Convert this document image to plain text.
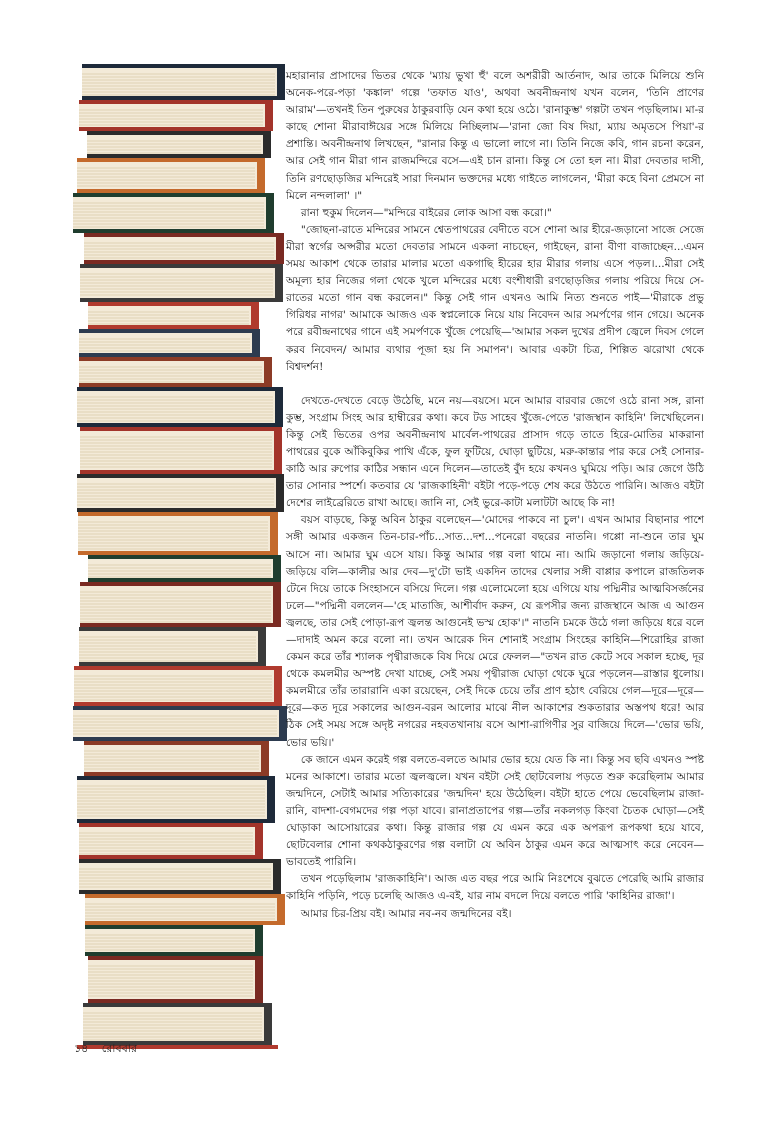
মহারানার প্রাসাদের ভিতর থেকে 'ম্যায় ভুখা হুঁ' বলে অশরীরী আর্তনাদ, আর তাকে মিলিয়ে শুনি অনেক-পরে-পড়া 'কঙ্কাল' গল্পে 'তফাত যাও', অথবা অবনীন্দ্রনাথ যখন বলেন, 'তিনি প্রাণের আরাম'—তখনই তিন পুরুষের ঠাকুরবাড়ি যেন কথা হয়ে ওঠে। 'রানাকুম্ভ' গল্পটা তখন পড়ছিলাম। মা-র কাছে শোনা মীরাবাঈয়ের সঙ্গে মিলিয়ে নিচ্ছিলাম—'রানা জো বিষ দিয়া, ম্যায় অমৃতসে পিয়া'-র প্রশান্তি। অবনীন্দ্রনাথ লিখছেন, "রানার কিন্তু এ ভালো লাগে না। তিনি নিজে কবি, গান রচনা করেন, আর সেই গান মীরা গান রাজমন্দিরে বসে—এই চান রানা। কিন্তু সে তো হল না। মীরা দেবতার দাসী, তিনি রণছোড়জির মন্দিরেই সারা দিনমান ভক্তদের মধ্যে গাইতে লাগলেন, 'মীরা কহে বিনা প্রেমসে না মিলে নন্দলালা' ।"

রানা হুকুম দিলেন—"মন্দিরে বাইরের লোক আসা বন্ধ করো।"

"জোছনা-রাতে মন্দিরের সামনে শ্বেতপাথরের বেদীতে বসে শোনা আর হীরে-জড়ানো সাজে সেজে মীরা স্বর্গের অপ্সরীর মতো দেবতার সামনে একলা নাচছেন, গাইছেন, রানা বীণা বাজাচ্ছেন...এমন সময় আকাশ থেকে তারার মালার মতো একগাছি হীরের হার মীরার গলায় এসে পড়ল।...মীরা সেই অমূল্য হার নিজের গলা থেকে খুলে মন্দিরের মধ্যে বংশীধারী রণছোড়জির গলায় পরিয়ে দিয়ে সে-রাতের মতো গান বন্ধ করলেন।" কিন্তু সেই গান এখনও আমি নিত্য শুনতে পাই—'মীরাকে প্রভু গিরিধর নাগর' আমাকে আজও এক স্বপ্নলোকে নিয়ে যায় নিবেদন আর সমর্পণের গান গেয়ে। অনেক পরে রবীন্দ্রনাথের গানে এই সমর্পণকে খুঁজে পেয়েছি—'আমার সকল দুখের প্রদীপ জ্বেলে দিবস গেলে করব নিবেদন/ আমার ব্যথার পূজা হয় নি সমাপন'। আবার একটা চিত্র, শিল্পিত ঝরোখা থেকে বিশ্বদর্শন!

দেখতে-দেখতে বেড়ে উঠেছি, মনে নয়—বয়সে। মনে আমার বারবার জেগে ওঠে রানা সঙ্গ, রানা কুম্ভ, সংগ্রাম সিংহ আর হাম্বীরের কথা। কবে টড সাহেব খুঁজে-পেতে 'রাজস্থান কাহিনি' লিখেছিলেন। কিন্তু সেই ভিতের ওপর অবনীন্দ্রনাথ মার্বেল-পাথরের প্রাসাদ গড়ে তাতে হিরে-মোতির মাকরানা পাথরের বুকে আঁকিবুকির পাখি এঁকে, ফুল ফুটিয়ে, ঘোড়া ছুটিয়ে, মরু-কান্তার পার করে সেই সোনার-কাঠি আর রুপোর কাঠির সন্ধান এনে দিলেন—তাতেই বুঁদ হয়ে কখনও ঘুমিয়ে পড়ি। আর জেগে উঠি তার সোনার স্পর্শে। কতবার যে 'রাজকাহিনী' বইটা পড়ে-পড়ে শেষ করে উঠতে পারিনি। আজও বইটা দেশের লাইব্রেরিতে রাখা আছে। জানি না, সেই ভুরে-কাটা মলাটটা আছে কি না!

বয়স বাড়ছে, কিন্তু অবিন ঠাকুর বলেছেন—'মোদের পাকবে না চুল'। এখন আমার বিছানার পাশে সঙ্গী আমার একজন তিন-চার-পাঁচ...সাত...দশ...পনেরো বছরের নাতনি। গপ্পো না-শুনে তার ঘুম আসে না। আমার ঘুম এসে যায়। কিন্তু আমার গল্প বলা থামে না। আমি জড়ানো গলায় জড়িয়ে-জড়িয়ে বলি—কালীর আর দেব—দু'টো ভাই একদিন তাদের খেলার সঙ্গী বাপ্পার কপালে রাজতিলক টেনে দিয়ে তাকে সিংহাসনে বসিয়ে দিলে। গল্প এলোমেলো হয়ে এগিয়ে যায় পদ্মিনীর আত্মবিসর্জনের ঢলে—"পদ্মিনী বললেন—'হে মাতাজি, আশীর্বাদ করুন, যে রূপসীর জন্য রাজস্থানে আজ এ আগুন জ্বলছে, তার সেই পোড়া-রূপ জ্বলন্ত আগুনেই ভস্ম হোক'।" নাতনি চমকে উঠে গলা জড়িয়ে ধরে বলে—দাদাই অমন করে বলো না। তখন আরেক দিন শোনাই সংগ্রাম সিংহের কাহিনি—শিরোহির রাজা কেমন করে তাঁর শ্যালক পৃথ্বীরাজকে বিষ দিয়ে মেরে ফেলল—"তখন রাত কেটে সবে সকাল হচ্ছে, দূর থেকে কমলমীর অস্পষ্ট দেখা যাচ্ছে, সেই সময় পৃথ্বীরাজ ঘোড়া থেকে ঘুরে পড়লেন—রাস্তার ধুলোয়। কমলমীরে তাঁর তারারানি একা রয়েছেন, সেই দিকে চেয়ে তাঁর প্রাণ হঠাৎ বেরিয়ে গেল—দূরে—দূরে—দূরে—কত দূরে সকালের আগুন-বরন আলোর মাঝে নীল আকাশের শুকতারার অস্তপথ ধরে! আর ঠিক সেই সময় সঙ্গে অদৃষ্ট নগরের নহবতখানায় বসে আশা-রাগিণীর সুর বাজিয়ে দিলে—'ভোর ভয়ি, ভোর ভয়ি।'

কে জানে এমন করেই গল্প বলতে-বলতে আমার ভোর হয়ে যেত কি না। কিন্তু সব ছবি এখনও স্পষ্ট মনের আকাশে। তারার মতো জ্বলজ্বলে। যখন বইটা সেই ছোটবেলায় পড়তে শুরু করেছিলাম আমার জন্মদিনে, সেটাই আমার সত্যিকারের 'জন্মদিন' হয়ে উঠেছিল। বইটা হাতে পেয়ে ভেবেছিলাম রাজা-রানি, বাদশা-বেগমদের গল্প পড়া যাবে। রানাপ্রতাপের গল্প—তাঁর নকলগড় কিংবা চৈতক ঘোড়া—সেই ঘোড়াকা আসোয়ারের কথা। কিন্তু রাজার গল্প যে এমন করে এক অপরূপ রূপকথা হয়ে যাবে, ছোটবেলার শোনা কথকঠাকুরণের গল্প বলাটা যে অবিন ঠাকুর এমন করে আত্মসাৎ করে নেবেন—ভাবতেই পারিনি।

তখন পড়েছিলাম 'রাজকাহিনি'। আজ এত বছর পরে আমি নিঃশেষে বুঝতে পেরেছি আমি রাজার কাহিনি পড়িনি, পড়ে চলেছি আজও এ-বই, যার নাম বদলে দিয়ে বলতে পারি 'কাহিনির রাজা'।

আমার চির-প্রিয় বই। আমার নব-নব জন্মদিনের বই।

১৪ রোববার
